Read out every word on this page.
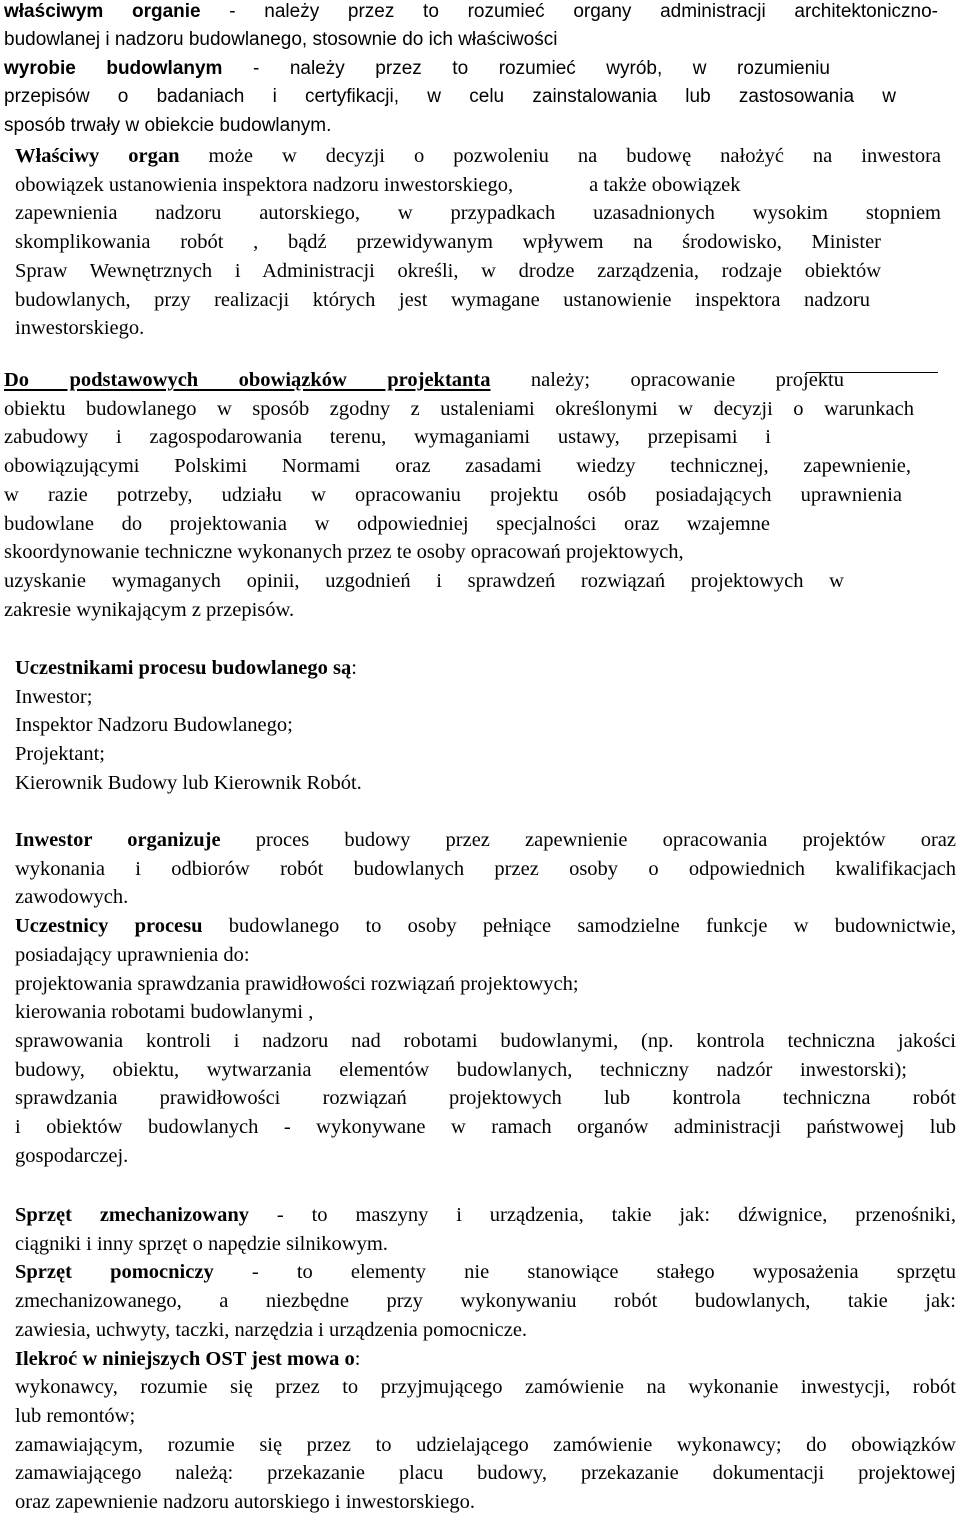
właściwym organie - należy przez to rozumieć organy administracji architektoniczno-
budowlanej i nadzoru budowlanego, stosownie do ich właściwości
wyrobie budowlanym - należy przez to rozumieć wyrób, w rozumieniu
przepisów o badaniach i certyfikacji, w celu zainstalowania lub zastosowania w
sposób trwały w obiekcie budowlanym.
Właściwy organ może w decyzji o pozwoleniu na budowę nałożyć na inwestora
obowiązek ustanowienia inspektora nadzoru inwestorskiego,	a także obowiązek
zapewnienia nadzoru autorskiego, w przypadkach uzasadnionych wysokim stopniem
skomplikowania robót , bądź przewidywanym wpływem na środowisko, Minister
Spraw Wewnętrznych i Administracji określi, w drodze zarządzenia, rodzaje obiektów
budowlanych, przy realizacji których jest wymagane ustanowienie inspektora nadzoru
inwestorskiego.
Do podstawowych obowiązków projektanta należy; opracowanie projektu
obiektu budowlanego w sposób zgodny z ustaleniami określonymi w decyzji o warunkach
zabudowy i zagospodarowania terenu, wymaganiami ustawy, przepisami i
obowiązującymi Polskimi Normami oraz zasadami wiedzy technicznej, zapewnienie,
w razie potrzeby, udziału w opracowaniu projektu osób posiadających uprawnienia
budowlane do projektowania w odpowiedniej specjalności oraz wzajemne
skoordynowanie techniczne wykonanych przez te osoby opracowań projektowych,
uzyskanie wymaganych opinii, uzgodnień i sprawdzeń rozwiązań projektowych w
zakresie wynikającym z przepisów.
Uczestnikami procesu budowlanego są:
Inwestor;
Inspektor Nadzoru Budowlanego;
Projektant;
Kierownik Budowy lub Kierownik Robót.
Inwestor organizuje proces budowy przez zapewnienie opracowania projektów oraz
wykonania i odbiorów robót budowlanych przez osoby o odpowiednich kwalifikacjach
zawodowych.
Uczestnicy procesu budowlanego to osoby pełniące samodzielne funkcje w budownictwie,
posiadający uprawnienia do:
projektowania sprawdzania prawidłowości rozwiązań projektowych;
kierowania robotami budowlanymi ,
sprawowania kontroli i nadzoru nad robotami budowlanymi, (np. kontrola techniczna jakości
budowy, obiektu, wytwarzania elementów budowlanych, techniczny nadzór inwestorski);
sprawdzania prawidłowości rozwiązań projektowych lub kontrola techniczna robót
i obiektów budowlanych - wykonywane w ramach organów administracji państwowej lub
gospodarczej.
Sprzęt zmechanizowany - to maszyny i urządzenia, takie jak: dźwignice, przenośniki,
ciągniki i inny sprzęt o napędzie silnikowym.
Sprzęt pomocniczy - to elementy nie stanowiące stałego wyposażenia sprzętu
zmechanizowanego, a niezbędne przy wykonywaniu robót budowlanych, takie jak:
zawiesia, uchwyty, taczki, narzędzia i urządzenia pomocnicze.
Ilekroć w niniejszych OST jest mowa o:
wykonawcy, rozumie się przez to przyjmującego zamówienie na wykonanie inwestycji, robót
lub remontów;
zamawiającym, rozumie się przez to udzielającego zamówienie wykonawcy; do obowiązków
zamawiającego należą: przekazanie placu budowy, przekazanie dokumentacji projektowej
oraz zapewnienie nadzoru autorskiego i inwestorskiego.
